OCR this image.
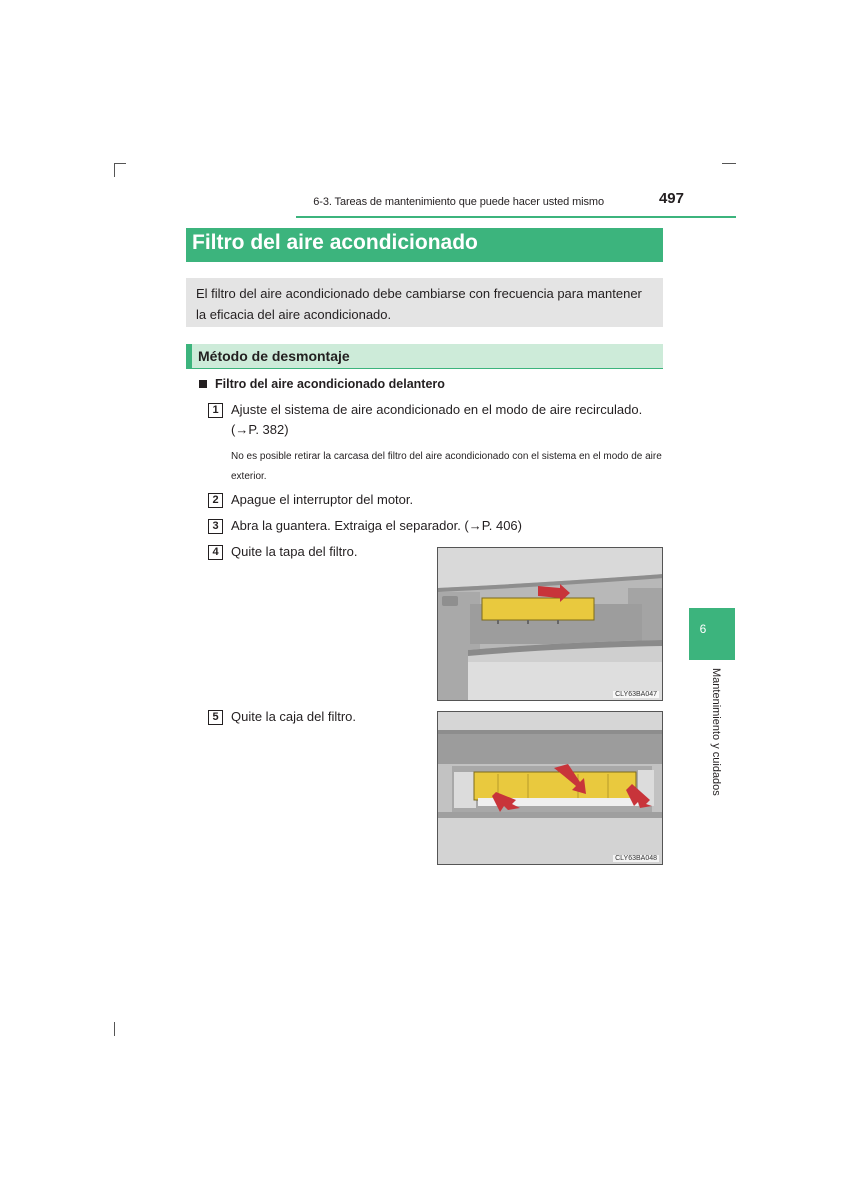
6-3. Tareas de mantenimiento que puede hacer usted mismo	497
Filtro del aire acondicionado
El filtro del aire acondicionado debe cambiarse con frecuencia para mantener la eficacia del aire acondicionado.
Método de desmontaje
Filtro del aire acondicionado delantero
1 Ajuste el sistema de aire acondicionado en el modo de aire recirculado. (→P. 382)
No es posible retirar la carcasa del filtro del aire acondicionado con el sistema en el modo de aire exterior.
2 Apague el interruptor del motor.
3 Abra la guantera. Extraiga el separador. (→P. 406)
4 Quite la tapa del filtro.
5 Quite la caja del filtro.
CLY63BA047
CLY63BA048
6
Mantenimiento y cuidados
